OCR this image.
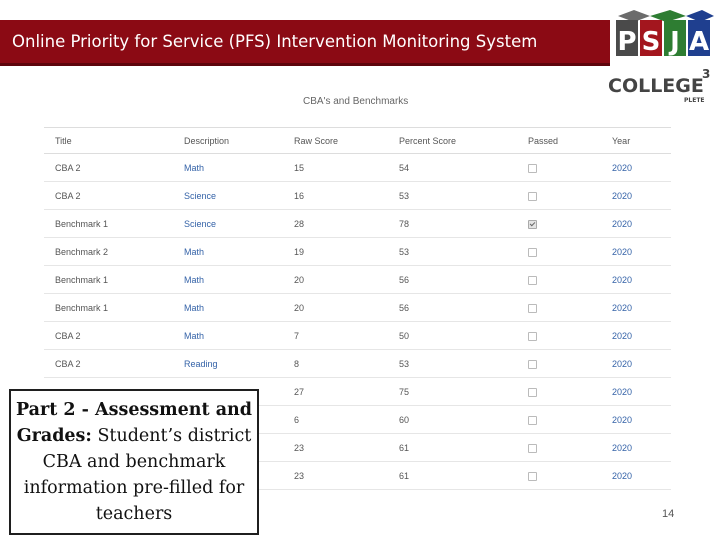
Online Priority for Service (PFS) Intervention Monitoring System	P S J A
COLLEGE
3
PLETE
CBA's and Benchmarks
Title	Description	Raw Score	Percent Score	Passed	Year
CBA 2	Math	15	54		2020
CBA 2	Science	16	53		2020
Benchmark 1	Science	28	78		2020
Benchmark 2	Math	19	53		2020
Benchmark 1	Math	20	56		2020
Benchmark 1	Math	20	56		2020
CBA 2	Math	7	50		2020
CBA 2	Reading	8	53		2020
		27	75		2020
		6	60		2020
		23	61		2020
		23	61		2020
Part 2 - Assessment and Grades: Student’s district CBA and benchmark information pre-filled for teachers	14
